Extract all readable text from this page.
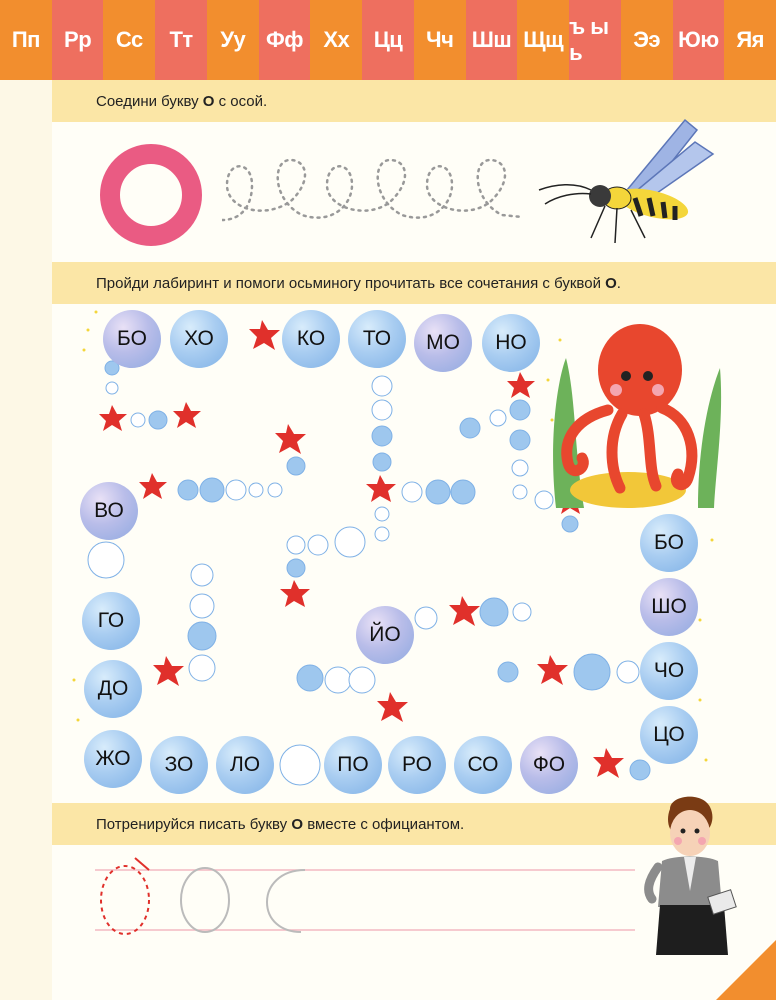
Пп	Рр	Сс	Тт	Уу Фф Хх	Цц	Чч Шш Щщ
ъ ы ь
Ээ Юю Яя
Соедини букву О с осой.
Пройди лабиринт и помоги осьминогу прочитать все сочетания с буквой О.
БО	ХО	КО	ТО	МО	НО
ВО
ГО
ДО
ЖО	ЗО	ЛО	ПО	РО	СО	ФО
ЙО
БО
ШО
ЧО
ЦО
Потренируйся писать букву О вместе с официантом.
